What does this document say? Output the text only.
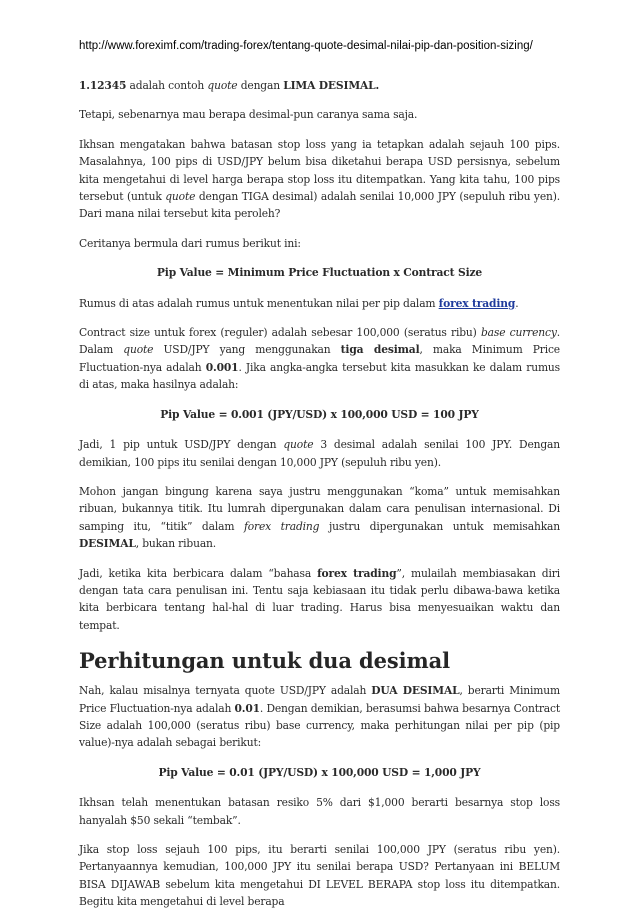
http://www.foreximf.com/trading-forex/tentang-quote-desimal-nilai-pip-dan-position-sizing/

1.12345 adalah contoh quote dengan LIMA DESIMAL.

Tetapi, sebenarnya mau berapa desimal-pun caranya sama saja.

Ikhsan mengatakan bahwa batasan stop loss yang ia tetapkan adalah sejauh 100 pips. Masalahnya, 100 pips di USD/JPY belum bisa diketahui berapa USD persisnya, sebelum kita mengetahui di level harga berapa stop loss itu ditempatkan. Yang kita tahu, 100 pips tersebut (untuk quote dengan TIGA desimal) adalah senilai 10,000 JPY (sepuluh ribu yen). Dari mana nilai tersebut kita peroleh?

Ceritanya bermula dari rumus berikut ini:

Pip Value = Minimum Price Fluctuation x Contract Size

Rumus di atas adalah rumus untuk menentukan nilai per pip dalam forex trading.

Contract size untuk forex (reguler) adalah sebesar 100,000 (seratus ribu) base currency. Dalam quote USD/JPY yang menggunakan tiga desimal, maka Minimum Price Fluctuation-nya adalah 0.001. Jika angka-angka tersebut kita masukkan ke dalam rumus di atas, maka hasilnya adalah:

Pip Value = 0.001 (JPY/USD) x 100,000 USD = 100 JPY

Jadi, 1 pip untuk USD/JPY dengan quote 3 desimal adalah senilai 100 JPY. Dengan demikian, 100 pips itu senilai dengan 10,000 JPY (sepuluh ribu yen).

Mohon jangan bingung karena saya justru menggunakan “koma” untuk memisahkan ribuan, bukannya titik. Itu lumrah dipergunakan dalam cara penulisan internasional. Di samping itu, “titik” dalam forex trading justru dipergunakan untuk memisahkan DESIMAL, bukan ribuan.

Jadi, ketika kita berbicara dalam “bahasa forex trading”, mulailah membiasakan diri dengan tata cara penulisan ini. Tentu saja kebiasaan itu tidak perlu dibawa-bawa ketika kita berbicara tentang hal-hal di luar trading. Harus bisa menyesuaikan waktu dan tempat.

Perhitungan untuk dua desimal

Nah, kalau misalnya ternyata quote USD/JPY adalah DUA DESIMAL, berarti Minimum Price Fluctuation-nya adalah 0.01. Dengan demikian, berasumsi bahwa besarnya Contract Size adalah 100,000 (seratus ribu) base currency, maka perhitungan nilai per pip (pip value)-nya adalah sebagai berikut:

Pip Value = 0.01 (JPY/USD) x 100,000 USD = 1,000 JPY

Ikhsan telah menentukan batasan resiko 5% dari $1,000 berarti besarnya stop loss hanyalah $50 sekali “tembak”.

Jika stop loss sejauh 100 pips, itu berarti senilai 100,000 JPY (seratus ribu yen). Pertanyaannya kemudian, 100,000 JPY itu senilai berapa USD? Pertanyaan ini BELUM BISA DIJAWAB sebelum kita mengetahui DI LEVEL BERAPA stop loss itu ditempatkan. Begitu kita mengetahui di level berapa
